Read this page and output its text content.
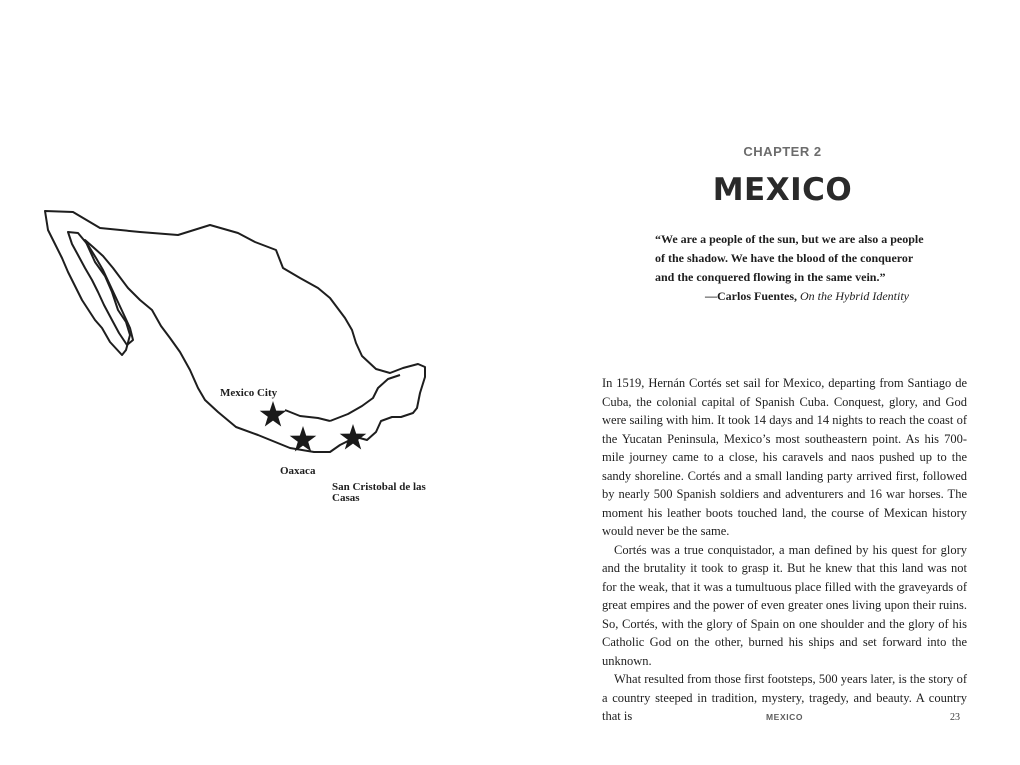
Mexico City
Oaxaca
San Cristobal de las Casas
CHAPTER 2
MEXICO
“We are a people of the sun, but we are also a people
of the shadow. We have the blood of the conqueror
and the conquered flowing in the same vein.”
—Carlos Fuentes, On the Hybrid Identity

In 1519, Hernán Cortés set sail for Mexico, departing from Santiago de Cuba, the colonial capital of Spanish Cuba. Conquest, glory, and God were sailing with him. It took 14 days and 14 nights to reach the coast of the Yucatan Peninsula, Mexico’s most southeastern point. As his 700-mile journey came to a close, his caravels and naos pushed up to the sandy shoreline. Cortés and a small landing party arrived first, followed by nearly 500 Spanish soldiers and adventurers and 16 war horses. The moment his leather boots touched land, the course of Mexican history would never be the same.

Cortés was a true conquistador, a man defined by his quest for glory and the brutality it took to grasp it. But he knew that this land was not for the weak, that it was a tumultuous place filled with the graveyards of great empires and the power of even greater ones living upon their ruins. So, Cortés, with the glory of Spain on one shoulder and the glory of his Catholic God on the other, burned his ships and set forward into the unknown.

What resulted from those first footsteps, 500 years later, is the story of a country steeped in tradition, mystery, tragedy, and beauty. A country that is	MEXICO	23
